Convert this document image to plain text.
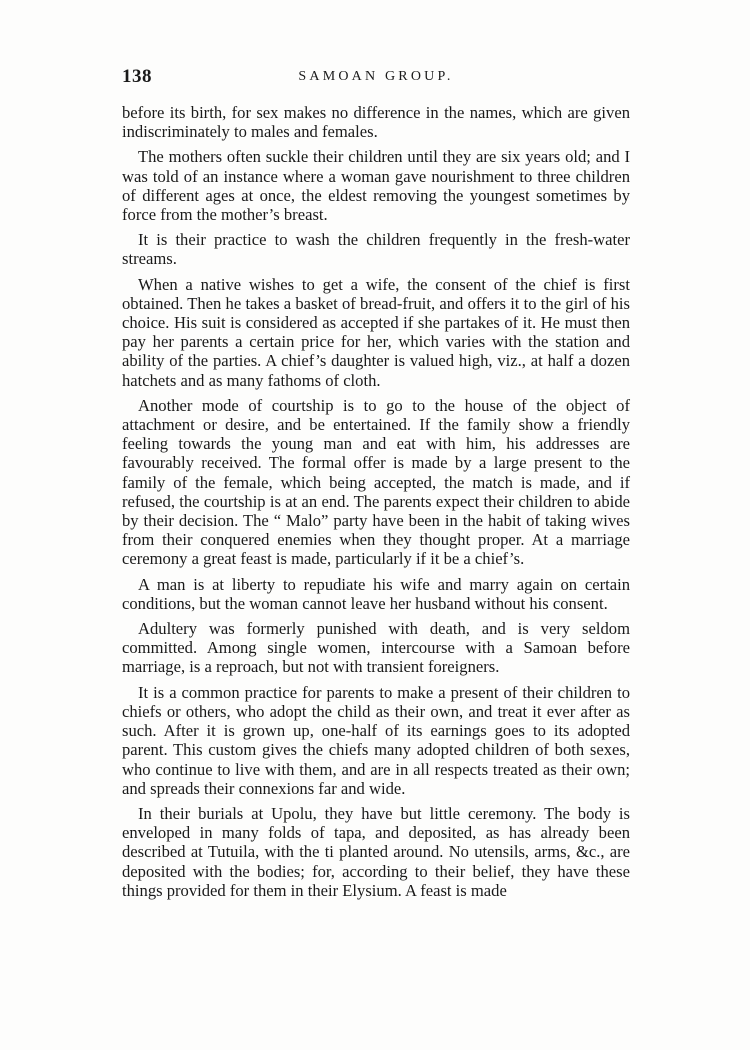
138	SAMOAN GROUP.

before its birth, for sex makes no difference in the names, which are given indiscriminately to males and females.

The mothers often suckle their children until they are six years old; and I was told of an instance where a woman gave nourishment to three children of different ages at once, the eldest removing the youngest sometimes by force from the mother’s breast.

It is their practice to wash the children frequently in the fresh-water streams.

When a native wishes to get a wife, the consent of the chief is first obtained. Then he takes a basket of bread-fruit, and offers it to the girl of his choice. His suit is considered as accepted if she partakes of it. He must then pay her parents a certain price for her, which varies with the station and ability of the parties. A chief’s daughter is valued high, viz., at half a dozen hatchets and as many fathoms of cloth.

Another mode of courtship is to go to the house of the object of attachment or desire, and be entertained. If the family show a friendly feeling towards the young man and eat with him, his addresses are favourably received. The formal offer is made by a large present to the family of the female, which being accepted, the match is made, and if refused, the courtship is at an end. The parents expect their children to abide by their decision. The “ Malo” party have been in the habit of taking wives from their conquered enemies when they thought proper. At a marriage ceremony a great feast is made, particularly if it be a chief’s.

A man is at liberty to repudiate his wife and marry again on certain conditions, but the woman cannot leave her husband without his consent.

Adultery was formerly punished with death, and is very seldom committed. Among single women, intercourse with a Samoan before marriage, is a reproach, but not with transient foreigners.

It is a common practice for parents to make a present of their children to chiefs or others, who adopt the child as their own, and treat it ever after as such. After it is grown up, one-half of its earnings goes to its adopted parent. This custom gives the chiefs many adopted children of both sexes, who continue to live with them, and are in all respects treated as their own; and spreads their connexions far and wide.

In their burials at Upolu, they have but little ceremony. The body is enveloped in many folds of tapa, and deposited, as has already been described at Tutuila, with the ti planted around. No utensils, arms, &c., are deposited with the bodies; for, according to their belief, they have these things provided for them in their Elysium. A feast is made
